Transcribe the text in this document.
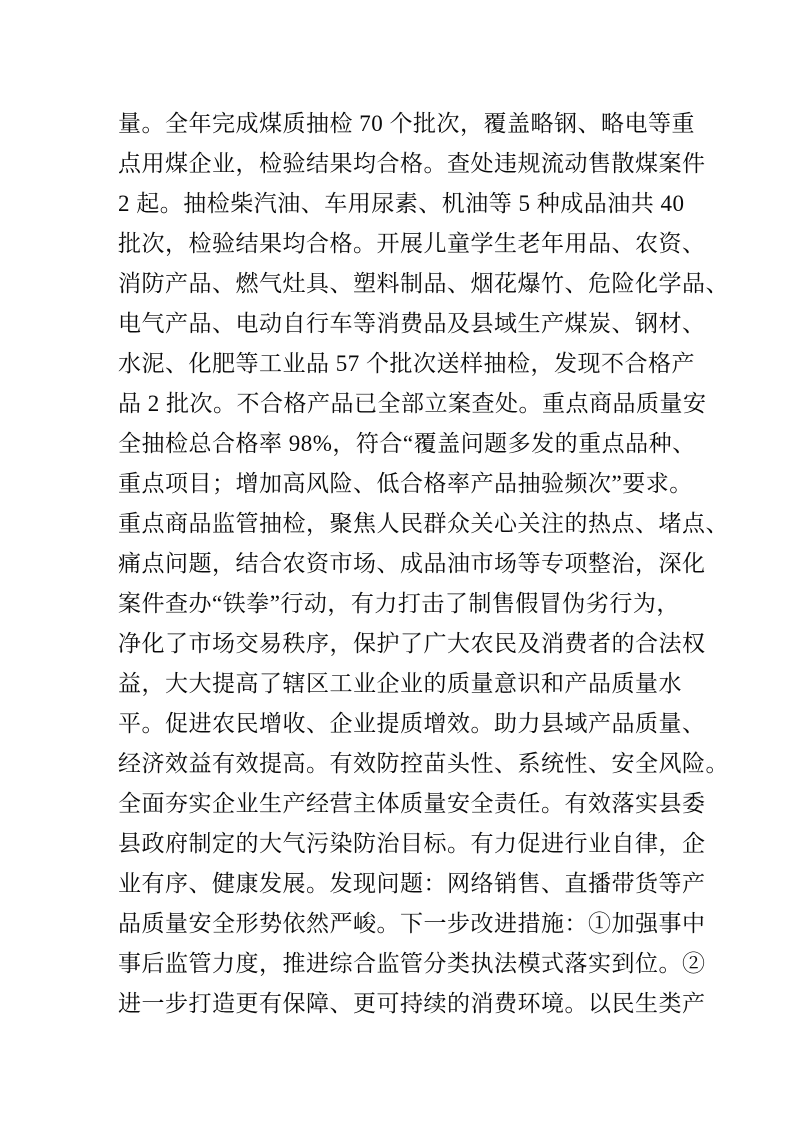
量。全年完成煤质抽检 70 个批次，覆盖略钢、略电等重
点用煤企业，检验结果均合格。查处违规流动售散煤案件
2 起。抽检柴汽油、车用尿素、机油等 5 种成品油共 40
批次，检验结果均合格。开展儿童学生老年用品、农资、
消防产品、燃气灶具、塑料制品、烟花爆竹、危险化学品、
电气产品、电动自行车等消费品及县域生产煤炭、钢材、
水泥、化肥等工业品 57 个批次送样抽检，发现不合格产
品 2 批次。不合格产品已全部立案查处。重点商品质量安
全抽检总合格率 98%，符合“覆盖问题多发的重点品种、
重点项目；增加高风险、低合格率产品抽验频次”要求。
重点商品监管抽检，聚焦人民群众关心关注的热点、堵点、
痛点问题，结合农资市场、成品油市场等专项整治，深化
案件查办“铁拳”行动，有力打击了制售假冒伪劣行为，
净化了市场交易秩序，保护了广大农民及消费者的合法权
益，大大提高了辖区工业企业的质量意识和产品质量水
平。促进农民增收、企业提质增效。助力县域产品质量、
经济效益有效提高。有效防控苗头性、系统性、安全风险。
全面夯实企业生产经营主体质量安全责任。有效落实县委
县政府制定的大气污染防治目标。有力促进行业自律，企
业有序、健康发展。发现问题：网络销售、直播带货等产
品质量安全形势依然严峻。下一步改进措施：①加强事中
事后监管力度，推进综合监管分类执法模式落实到位。②
进一步打造更有保障、更可持续的消费环境。以民生类产
